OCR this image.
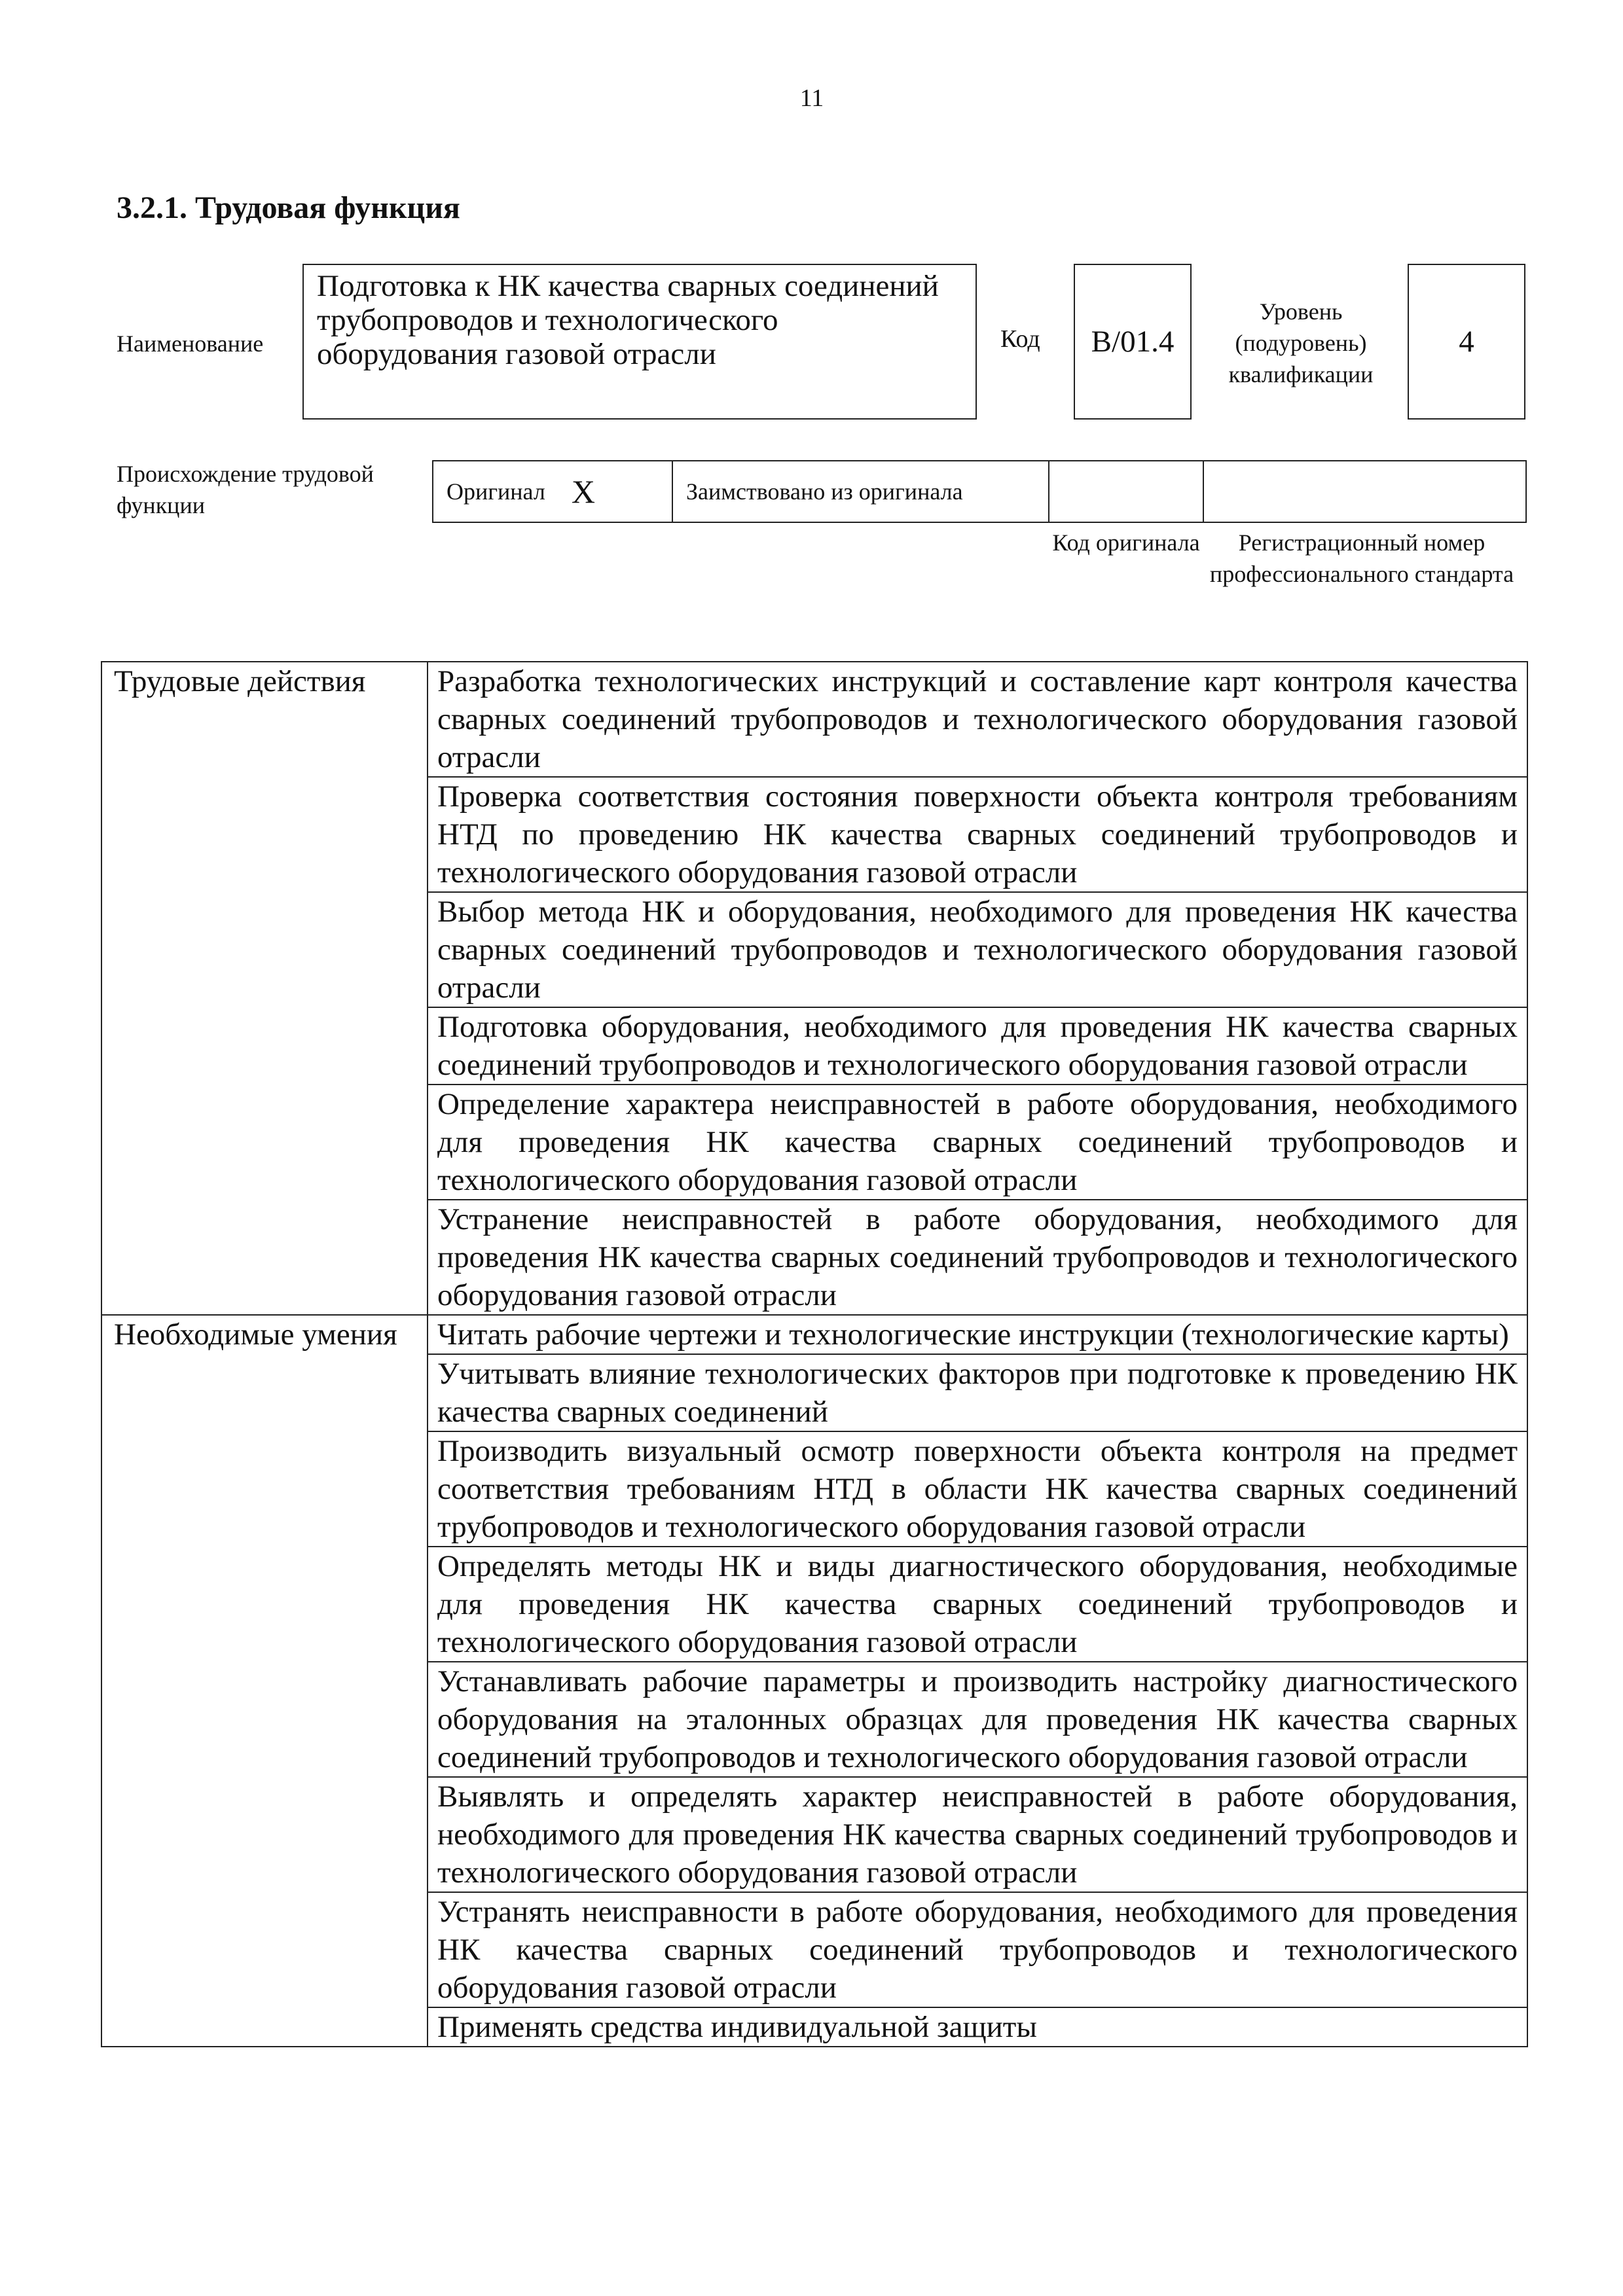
11
3.2.1. Трудовая функция
Наименование
Подготовка к НК качества сварных соединений трубопроводов и технологического оборудования газовой отрасли	Код	B/01.4
Уровень (подуровень) квалификации
4
Происхождение трудовой функции
Оригинал X	Заимствовано из оригинала
Код оригинала	Регистрационный номер профессионального стандарта
Трудовые действия	Разработка технологических инструкций и составление карт контроля качества сварных соединений трубопроводов и технологического оборудования газовой отрасли
	Проверка соответствия состояния поверхности объекта контроля требованиям НТД по проведению НК качества сварных соединений трубопроводов и технологического оборудования газовой отрасли
	Выбор метода НК и оборудования, необходимого для проведения НК качества сварных соединений трубопроводов и технологического оборудования газовой отрасли
	Подготовка оборудования, необходимого для проведения НК качества сварных соединений трубопроводов и технологического оборудования газовой отрасли
	Определение характера неисправностей в работе оборудования, необходимого для проведения НК качества сварных соединений трубопроводов и технологического оборудования газовой отрасли
	Устранение неисправностей в работе оборудования, необходимого для проведения НК качества сварных соединений трубопроводов и технологического оборудования газовой отрасли
Необходимые умения	Читать рабочие чертежи и технологические инструкции (технологические карты)
	Учитывать влияние технологических факторов при подготовке к проведению НК качества сварных соединений
	Производить визуальный осмотр поверхности объекта контроля на предмет соответствия требованиям НТД в области НК качества сварных соединений трубопроводов и технологического оборудования газовой отрасли
	Определять методы НК и виды диагностического оборудования, необходимые для проведения НК качества сварных соединений трубопроводов и технологического оборудования газовой отрасли
	Устанавливать рабочие параметры и производить настройку диагностического оборудования на эталонных образцах для проведения НК качества сварных соединений трубопроводов и технологического оборудования газовой отрасли
	Выявлять и определять характер неисправностей в работе оборудования, необходимого для проведения НК качества сварных соединений трубопроводов и технологического оборудования газовой отрасли
	Устранять неисправности в работе оборудования, необходимого для проведения НК качества сварных соединений трубопроводов и технологического оборудования газовой отрасли
	Применять средства индивидуальной защиты
